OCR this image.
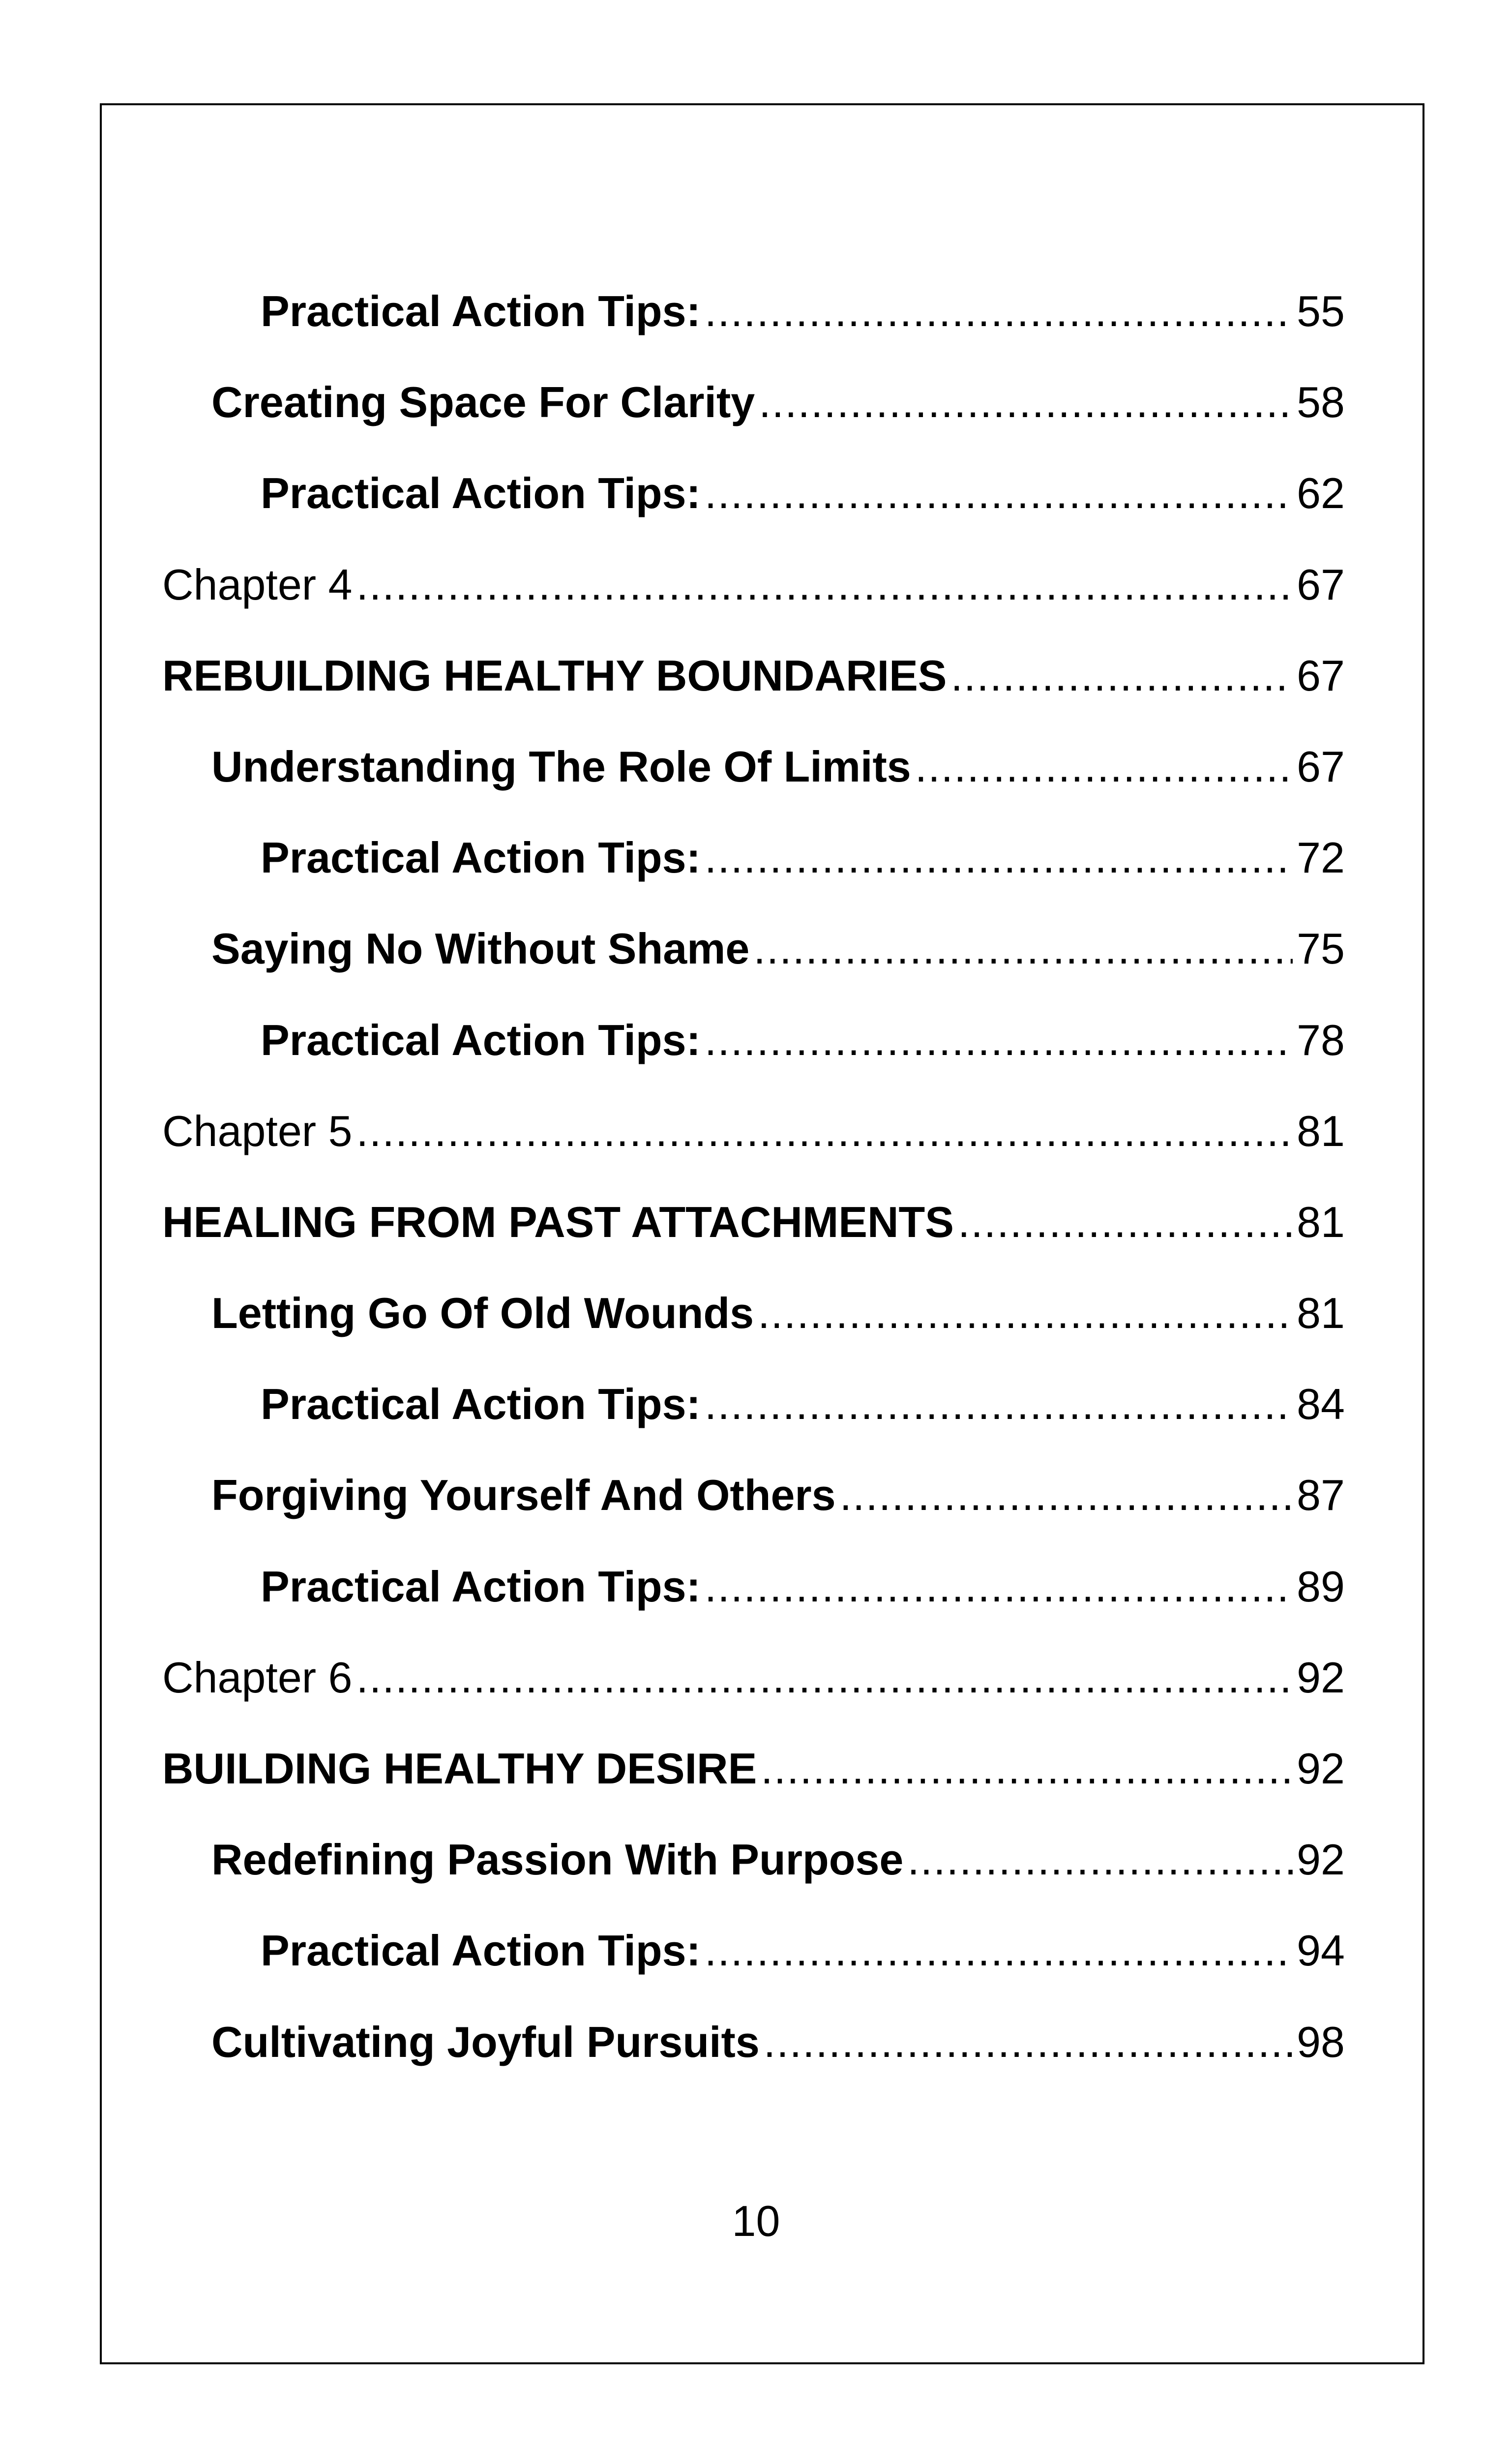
Practical Action Tips: .....	55
Creating Space For Clarity .....	58
Practical Action Tips: .....	62
Chapter 4 .....	67
REBUILDING HEALTHY BOUNDARIES .....	67
Understanding The Role Of Limits .....	67
Practical Action Tips: .....	72
Saying No Without Shame .....	75
Practical Action Tips: .....	78
Chapter 5 .....	81
HEALING FROM PAST ATTACHMENTS .....	81
Letting Go Of Old Wounds .....	81
Practical Action Tips: .....	84
Forgiving Yourself And Others .....	87
Practical Action Tips: .....	89
Chapter 6 .....	92
BUILDING HEALTHY DESIRE .....	92
Redefining Passion With Purpose .....	92
Practical Action Tips: .....	94
Cultivating Joyful Pursuits .....	98
10
